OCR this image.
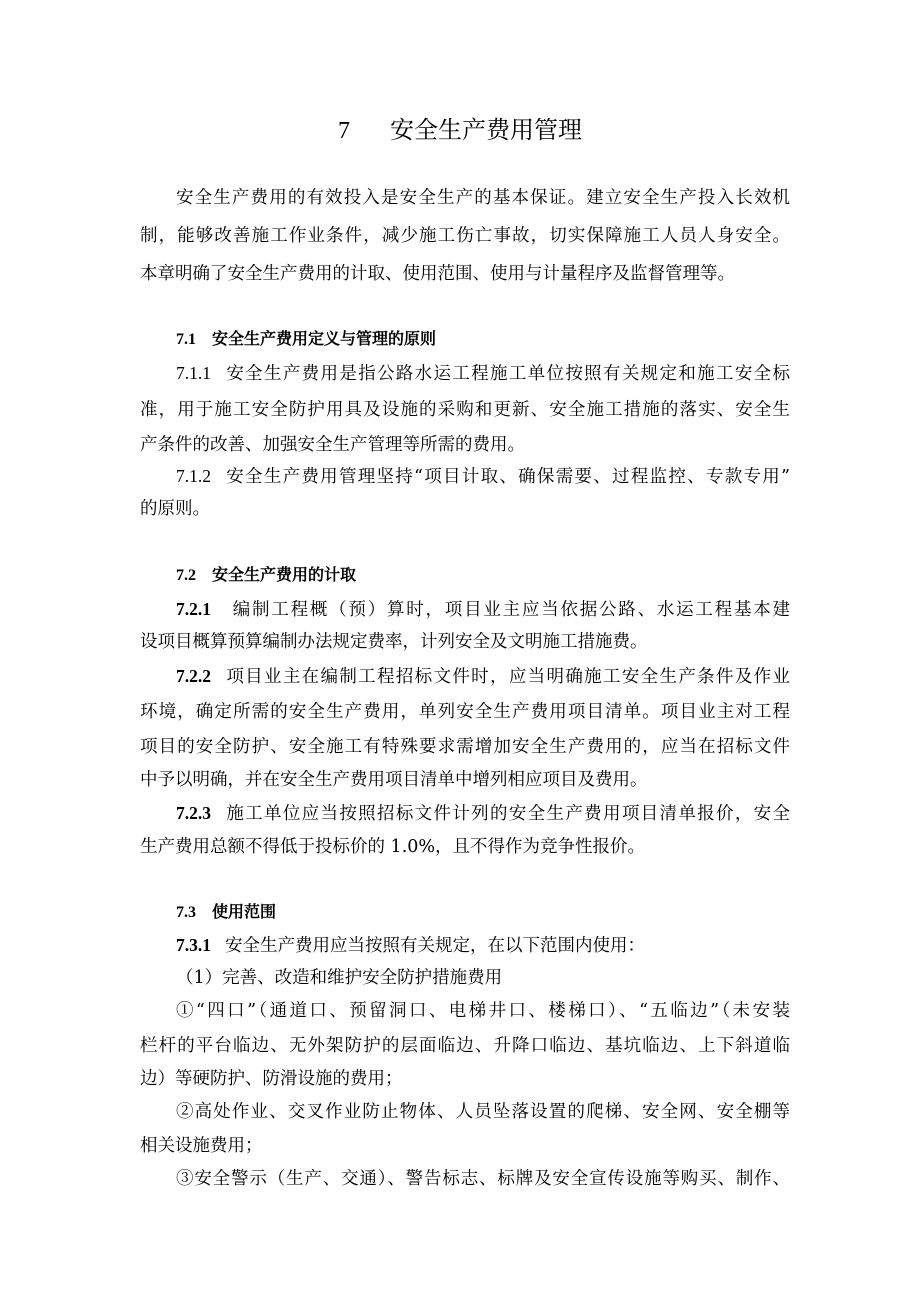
7 安全生产费用管理
安全生产费用的有效投入是安全生产的基本保证。建立安全生产投入长效机
制，能够改善施工作业条件，减少施工伤亡事故，切实保障施工人员人身安全。
本章明确了安全生产费用的计取、使用范围、使用与计量程序及监督管理等。
7.1 安全生产费用定义与管理的原则
7.1.1 安全生产费用是指公路水运工程施工单位按照有关规定和施工安全标
准，用于施工安全防护用具及设施的采购和更新、安全施工措施的落实、安全生
产条件的改善、加强安全生产管理等所需的费用。
7.1.2 安全生产费用管理坚持“项目计取、确保需要、过程监控、专款专用”
的原则。
7.2 安全生产费用的计取
7.2.1 编制工程概（预）算时，项目业主应当依据公路、水运工程基本建
设项目概算预算编制办法规定费率，计列安全及文明施工措施费。
7.2.2 项目业主在编制工程招标文件时，应当明确施工安全生产条件及作业
环境，确定所需的安全生产费用，单列安全生产费用项目清单。项目业主对工程
项目的安全防护、安全施工有特殊要求需增加安全生产费用的，应当在招标文件
中予以明确，并在安全生产费用项目清单中增列相应项目及费用。
7.2.3 施工单位应当按照招标文件计列的安全生产费用项目清单报价，安全
生产费用总额不得低于投标价的 1.0%，且不得作为竞争性报价。
7.3 使用范围
7.3.1 安全生产费用应当按照有关规定，在以下范围内使用：
（1）完善、改造和维护安全防护措施费用
①“四口”（通道口、预留洞口、电梯井口、楼梯口）、“五临边”（未安装
栏杆的平台临边、无外架防护的层面临边、升降口临边、基坑临边、上下斜道临
边）等硬防护、防滑设施的费用；
②高处作业、交叉作业防止物体、人员坠落设置的爬梯、安全网、安全棚等
相关设施费用；
③安全警示（生产、交通）、警告标志、标牌及安全宣传设施等购买、制作、
